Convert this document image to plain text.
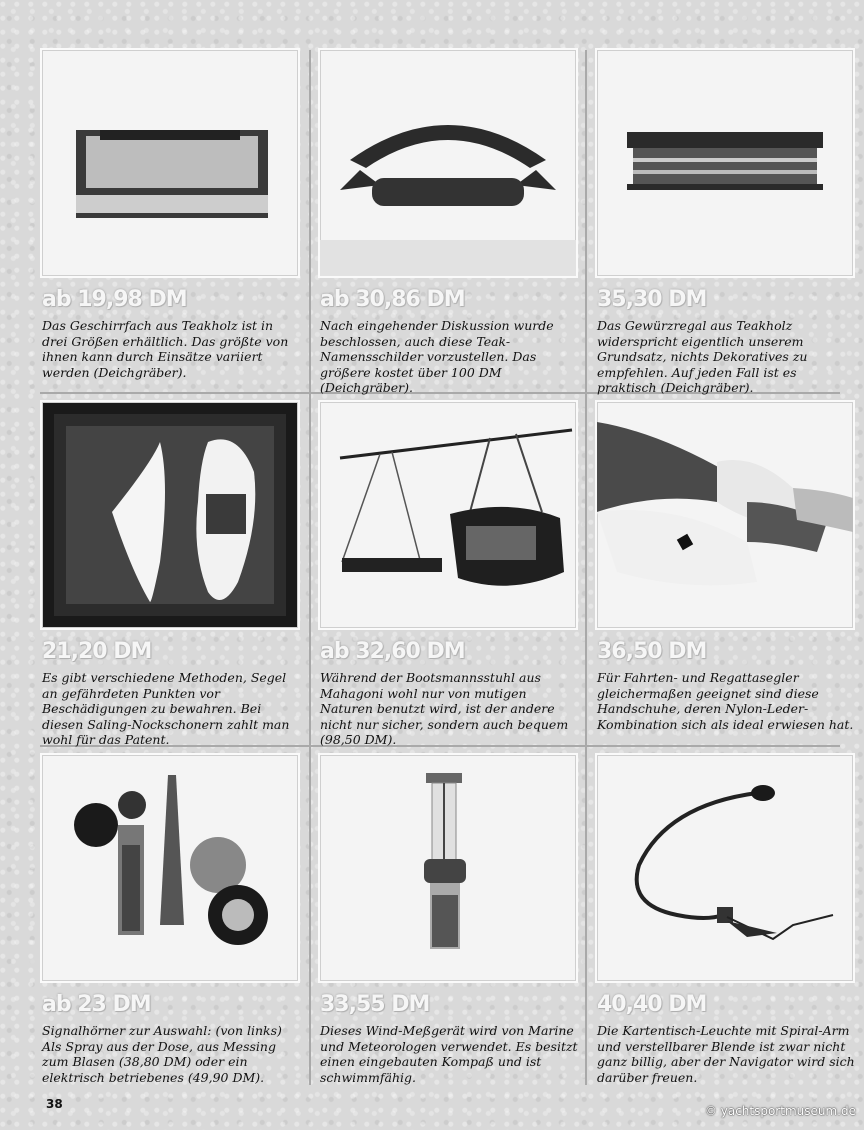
ab 19,98 DM

Das Geschirrfach aus Teakholz ist in drei Größen erhältlich. Das größte von ihnen kann durch Einsätze variiert werden (Deichgräber).

ab 30,86 DM

Nach eingehender Diskussion wurde beschlossen, auch diese Teak-Namensschilder vorzustellen. Das größere kostet über 100 DM (Deichgräber).

35,30 DM

Das Gewürzregal aus Teakholz widerspricht eigentlich unserem Grundsatz, nichts Dekoratives zu empfehlen. Auf jeden Fall ist es praktisch (Deichgräber).

21,20 DM

Es gibt verschiedene Methoden, Segel an gefährdeten Punkten vor Beschädigungen zu bewahren. Bei diesen Saling-Nockschonern zahlt man wohl für das Patent.

ab 32,60 DM

Während der Bootsmannsstuhl aus Mahagoni wohl nur von mutigen Naturen benutzt wird, ist der andere nicht nur sicher, sondern auch bequem (98,50 DM).

36,50 DM

Für Fahrten- und Regattasegler gleichermaßen geeignet sind diese Handschuhe, deren Nylon-Leder-Kombination sich als ideal erwiesen hat.

ab 23 DM

Signalhörner zur Auswahl: (von links) Als Spray aus der Dose, aus Messing zum Blasen (38,80 DM) oder ein elektrisch betriebenes (49,90 DM).

33,55 DM

Dieses Wind-Meßgerät wird von Marine und Meteorologen verwendet. Es besitzt einen eingebauten Kompaß und ist schwimmfähig.

40,40 DM

Die Kartentisch-Leuchte mit Spiral-Arm und verstellbarer Blende ist zwar nicht ganz billig, aber der Navigator wird sich darüber freuen.

38	© yachtsportmuseum.de
